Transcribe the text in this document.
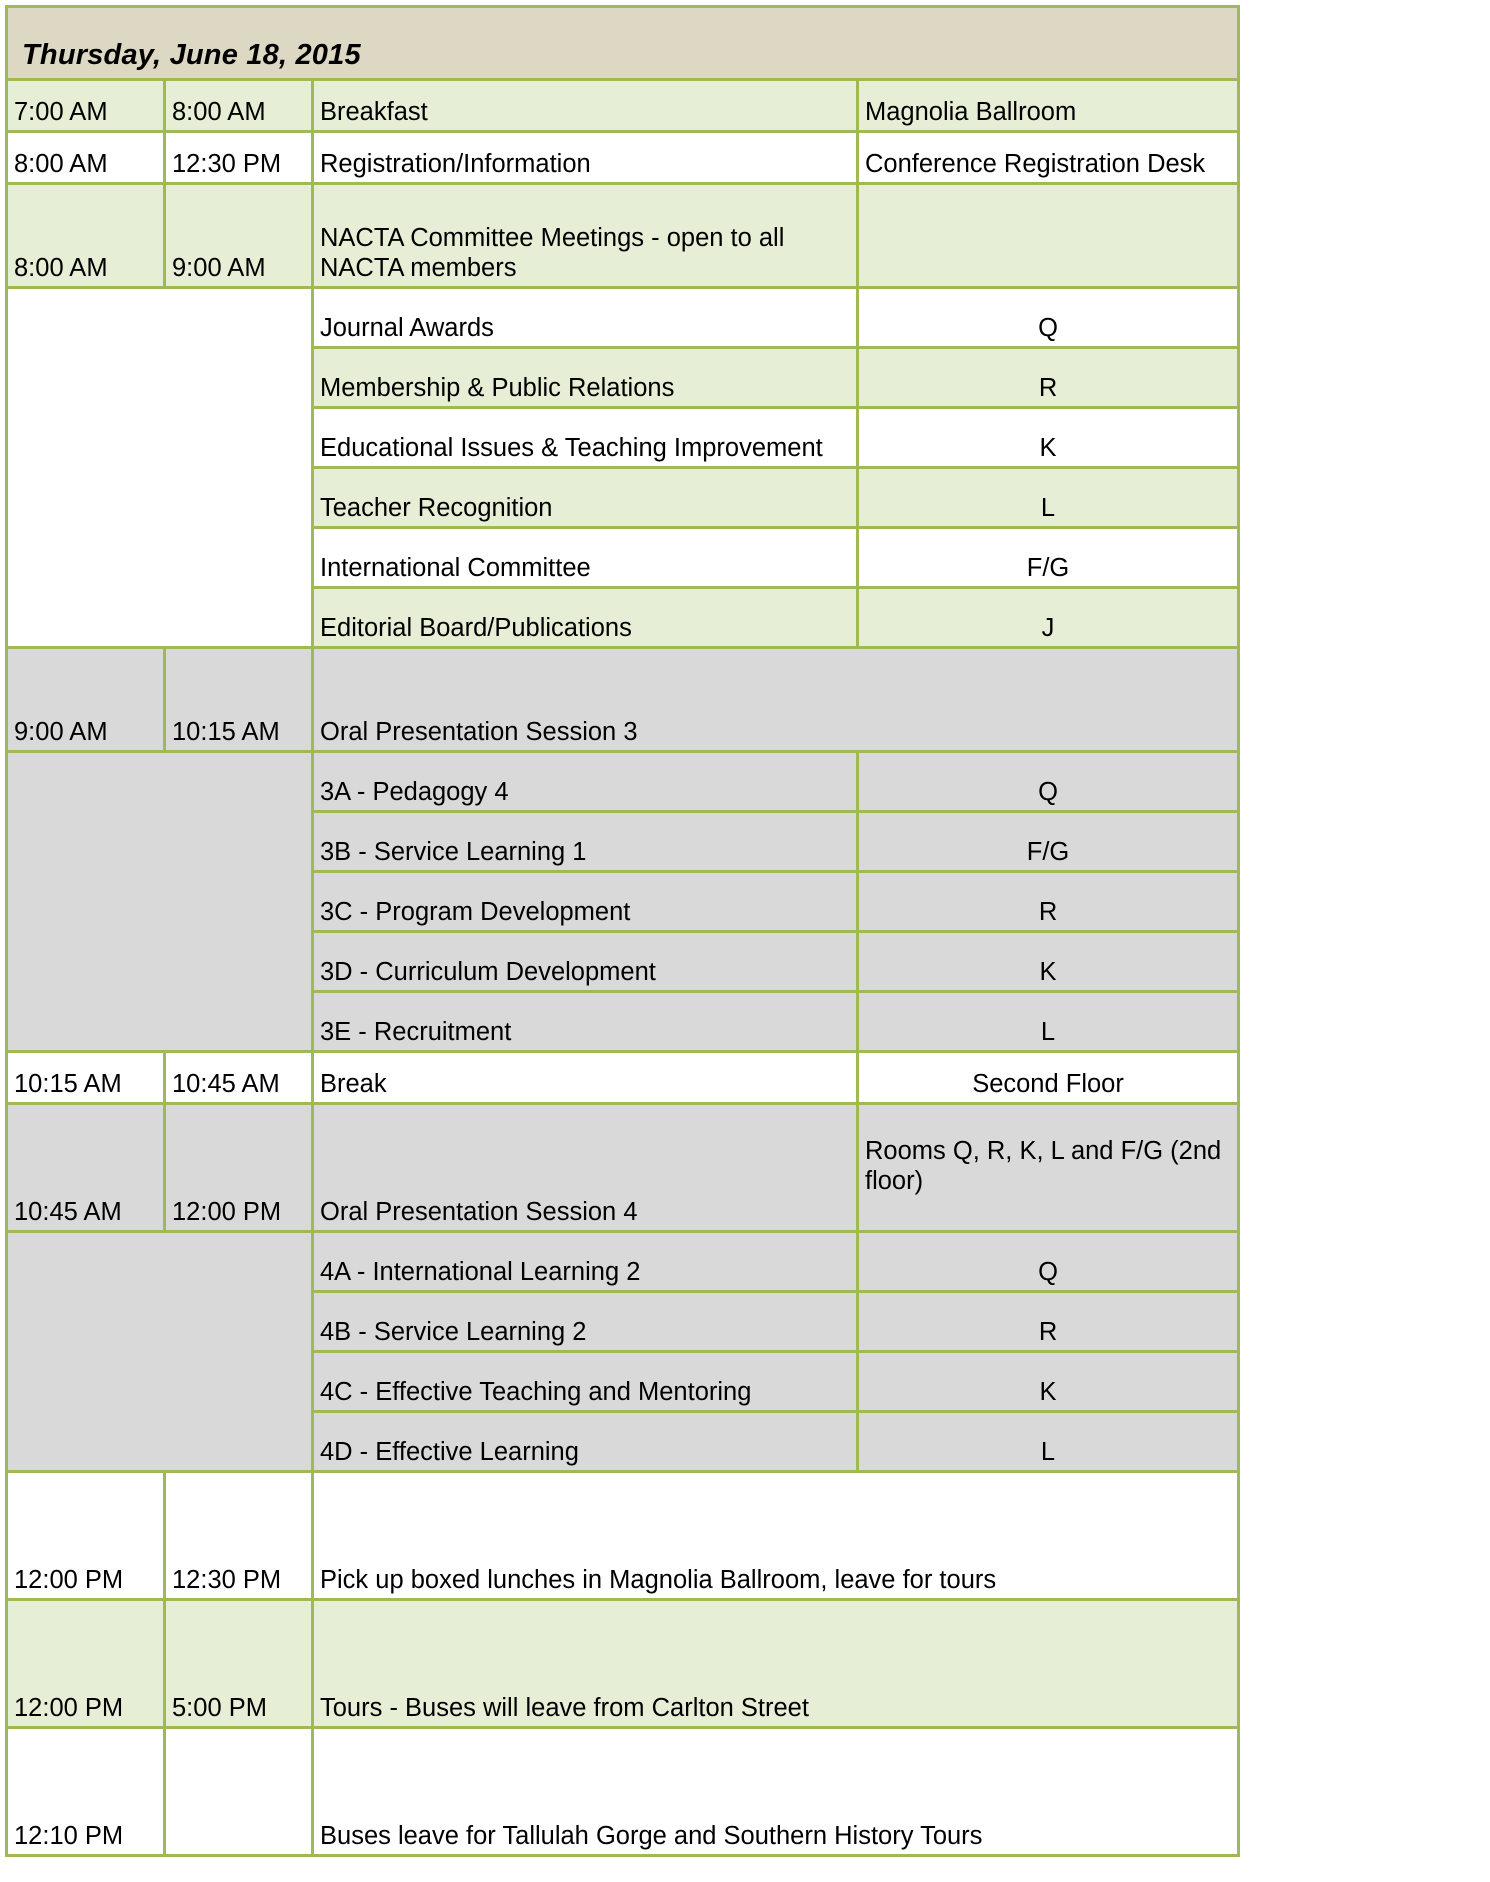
Thursday, June 18, 2015			
7:00 AM	8:00 AM	Breakfast	Magnolia Ballroom
8:00 AM	12:30 PM	Registration/Information	Conference Registration Desk
8:00 AM	9:00 AM	NACTA Committee Meetings - open to all NACTA members	
		Journal Awards	Q
		Membership & Public Relations	R
		Educational Issues & Teaching Improvement	K
		Teacher Recognition	L
		International Committee	F/G
		Editorial Board/Publications	J
9:00 AM	10:15 AM	Oral Presentation Session 3	
		3A - Pedagogy 4	Q
		3B - Service Learning 1	F/G
		3C - Program Development	R
		3D - Curriculum Development	K
		3E - Recruitment	L
10:15 AM	10:45 AM	Break	Second Floor
10:45 AM	12:00 PM	Oral Presentation Session 4	Rooms Q, R, K, L and F/G (2nd floor)
		4A - International Learning 2	Q
		4B - Service Learning 2	R
		4C - Effective Teaching and Mentoring	K
		4D - Effective Learning	L
12:00 PM	12:30 PM	Pick up boxed lunches in Magnolia Ballroom, leave for tours	
12:00 PM	5:00 PM	Tours - Buses will leave from Carlton Street	
12:10 PM		Buses leave for Tallulah Gorge and Southern History Tours	
